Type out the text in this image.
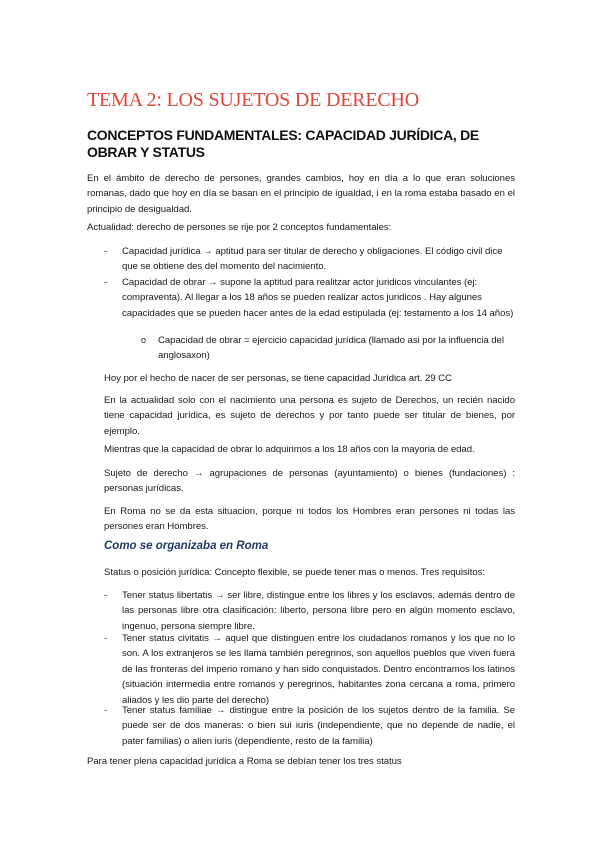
TEMA 2: LOS SUJETOS DE DERECHO
CONCEPTOS FUNDAMENTALES: CAPACIDAD JURÍDICA, DE OBRAR Y STATUS

En el ámbito de derecho de persones, grandes cambios, hoy en día a lo que eran soluciones romanas, dado que hoy en día se basan en el principio de igualdad, i en la roma estaba basado en el principio de desigualdad.

Actualidad: derecho de persones se rije por 2 conceptos fundamentales:

- Capacidad jurídica → aptitud para ser titular de derecho y obligaciones. El código civil dice que se obtiene des del momento del nacimiento.

- Capacidad de obrar → supone la aptitud para realitzar actor juridicos vinculantes (ej: compraventa). Al llegar a los 18 años se pueden realizar actos juridicos . Hay algunes capacidades que se pueden hacer antes de la edad estipulada (ej: testamento a los 14 años)

o Capacidad de obrar = ejercicio capacidad jurídica (llamado asi por la influencia del anglosaxon)

Hoy por el hecho de nacer de ser personas, se tiene capacidad Jurídica art. 29 CC

En la actualidad solo con el nacimiento una persona es sujeto de Derechos, un recién nacido tiene capacidad jurídica, es sujeto de derechos y por tanto puede ser titular de bienes, por ejemplo.

Mientras que la capacidad de obrar lo adquirimos a los 18 años con la mayoria de edad.

Sujeto de derecho → agrupaciones de personas (ayuntamiento) o bienes (fundaciones) : personas jurídicas.

En Roma no se da esta situacion, porque ni todos los Hombres eran persones ni todas las persones eran Hombres.

Como se organizaba en Roma

Status o posición jurídica: Concepto flexible, se puede tener mas o menos. Tres requisitos:

- Tener status libertatis → ser libre, distingue entre los libres y los esclavos, además dentro de las personas libre otra clasificación: liberto, persona libre pero en algún momento esclavo, ingenuo, persona siempre libre.

- Tener status civitatis → aquel que distinguen entre los ciudadanos romanos y los que no lo son. A los extranjeros se les llama también peregrinos, son aquellos pueblos que viven fuera de las fronteras del imperio romano y han sido conquistados. Dentro encontramos los latinos (situación intermedia entre romanos y peregrinos, habitantes zona cercana a roma, primero aliados y les dio parte del derecho)

- Tener status familiae → distingue entre la posición de los sujetos dentro de la familia. Se puede ser de dos maneras: o bien sui iuris (independiente, que no depende de nadie, el pater familias) o alien iuris (dependiente, resto de la familia)

Para tener plena capacidad jurídica a Roma se debían tener los tres status
